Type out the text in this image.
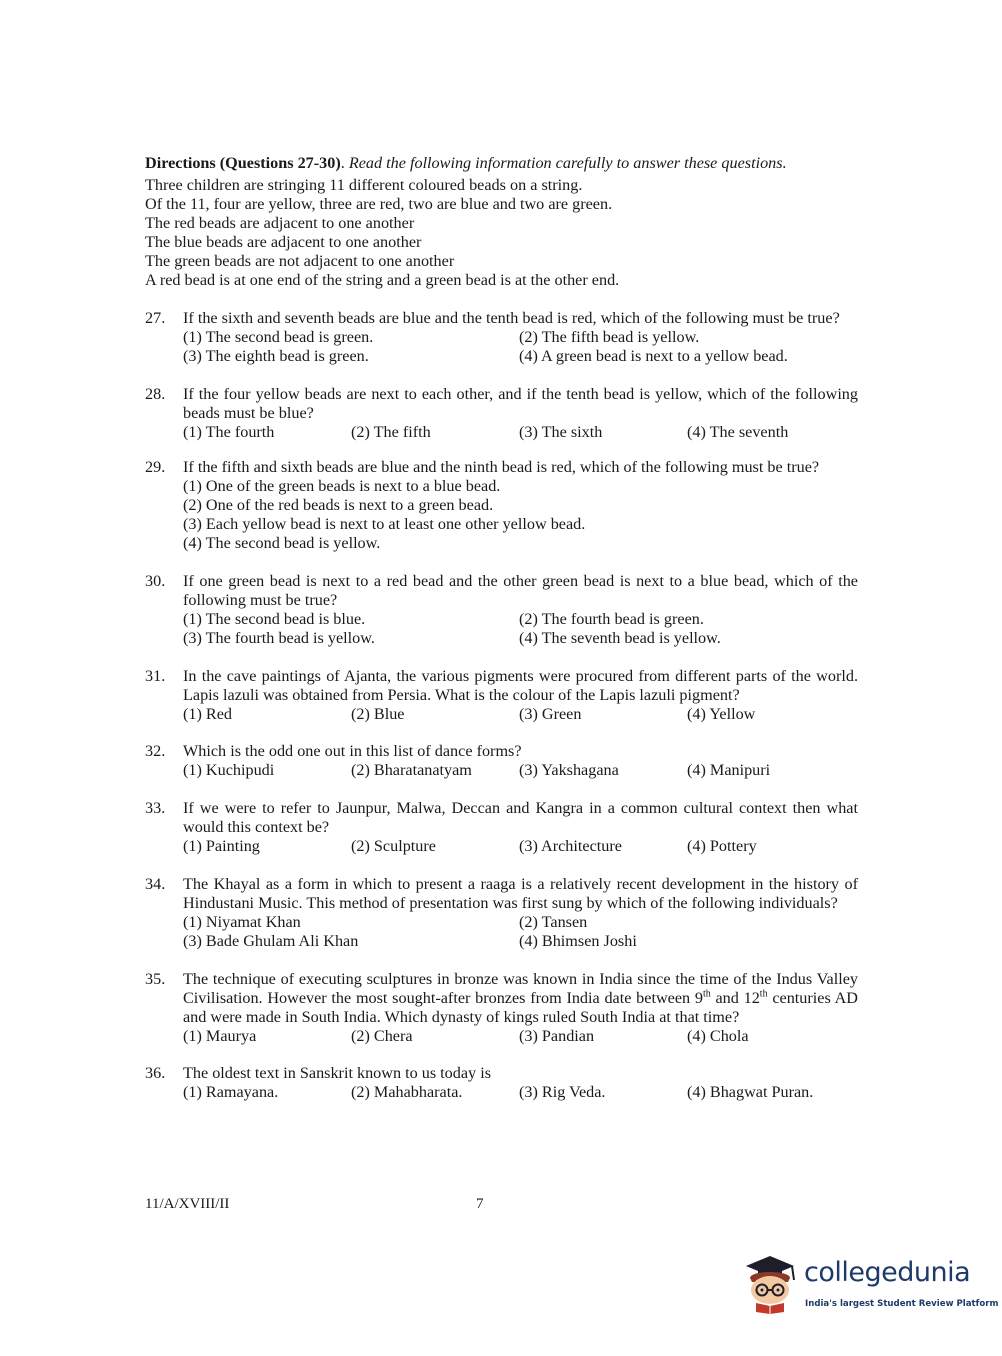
Directions (Questions 27-30). Read the following information carefully to answer these questions.

Three children are stringing 11 different coloured beads on a string.
Of the 11, four are yellow, three are red, two are blue and two are green.
The red beads are adjacent to one another
The blue beads are adjacent to one another
The green beads are not adjacent to one another
A red bead is at one end of the string and a green bead is at the other end.
27. If the sixth and seventh beads are blue and the tenth bead is red, which of the following must be true?
(1) The second bead is green.	(2) The fifth bead is yellow.
(3) The eighth bead is green.	(4) A green bead is next to a yellow bead.
28. If the four yellow beads are next to each other, and if the tenth bead is yellow, which of the following beads must be blue?
(1) The fourth	(2) The fifth	(3) The sixth	(4) The seventh
29. If the fifth and sixth beads are blue and the ninth bead is red, which of the following must be true?
(1) One of the green beads is next to a blue bead.
(2) One of the red beads is next to a green bead.
(3) Each yellow bead is next to at least one other yellow bead.
(4) The second bead is yellow.
30. If one green bead is next to a red bead and the other green bead is next to a blue bead, which of the following must be true?
(1) The second bead is blue.	(2) The fourth bead is green.
(3) The fourth bead is yellow.	(4) The seventh bead is yellow.
31. In the cave paintings of Ajanta, the various pigments were procured from different parts of the world. Lapis lazuli was obtained from Persia. What is the colour of the Lapis lazuli pigment?
(1) Red	(2) Blue	(3) Green	(4) Yellow
32. Which is the odd one out in this list of dance forms?
(1) Kuchipudi	(2) Bharatanatyam	(3) Yakshagana	(4) Manipuri
33. If we were to refer to Jaunpur, Malwa, Deccan and Kangra in a common cultural context then what would this context be?
(1) Painting	(2) Sculpture	(3) Architecture	(4) Pottery
34. The Khayal as a form in which to present a raaga is a relatively recent development in the history of Hindustani Music. This method of presentation was first sung by which of the following individuals?
(1) Niyamat Khan	(2) Tansen
(3) Bade Ghulam Ali Khan	(4) Bhimsen Joshi
35. The technique of executing sculptures in bronze was known in India since the time of the Indus Valley Civilisation. However the most sought-after bronzes from India date between 9th and 12th centuries AD and were made in South India. Which dynasty of kings ruled South India at that time?
(1) Maurya	(2) Chera	(3) Pandian	(4) Chola
36. The oldest text in Sanskrit known to us today is
(1) Ramayana.	(2) Mahabharata.	(3) Rig Veda.	(4) Bhagwat Puran.
11/A/XVIII/II	7
collegedunia
India's largest Student Review Platform
